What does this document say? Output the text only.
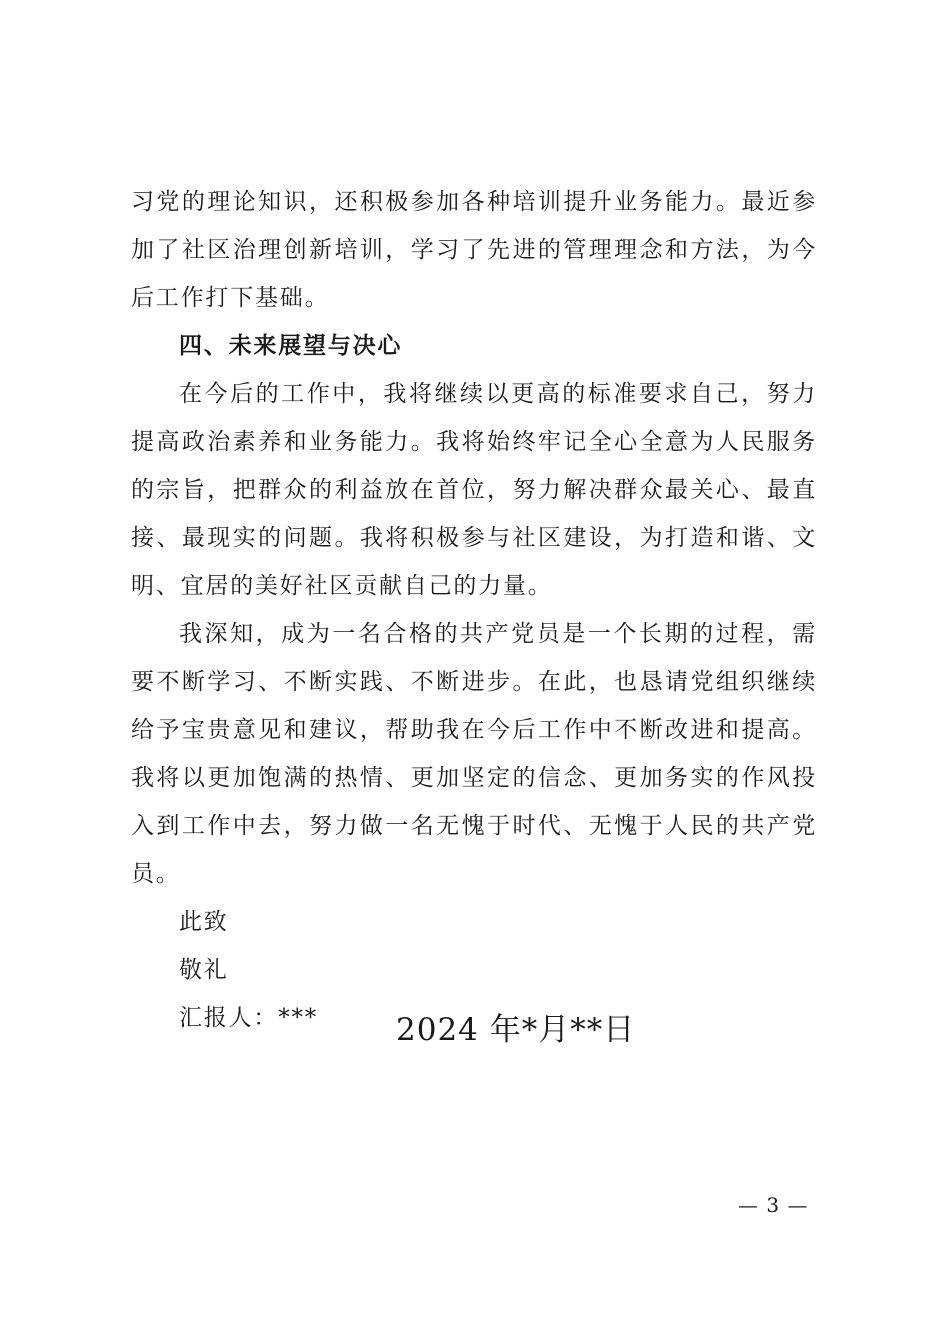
习党的理论知识，还积极参加各种培训提升业务能力。最近参加了社区治理创新培训，学习了先进的管理理念和方法，为今后工作打下基础。

四、未来展望与决心

在今后的工作中，我将继续以更高的标准要求自己，努力提高政治素养和业务能力。我将始终牢记全心全意为人民服务的宗旨，把群众的利益放在首位，努力解决群众最关心、最直接、最现实的问题。我将积极参与社区建设，为打造和谐、文明、宜居的美好社区贡献自己的力量。

我深知，成为一名合格的共产党员是一个长期的过程，需要不断学习、不断实践、不断进步。在此，也恳请党组织继续给予宝贵意见和建议，帮助我在今后工作中不断改进和提高。我将以更加饱满的热情、更加坚定的信念、更加务实的作风投入到工作中去，努力做一名无愧于时代、无愧于人民的共产党员。

此致

敬礼

汇报人：***	2024 年*月**日

— 3 —
